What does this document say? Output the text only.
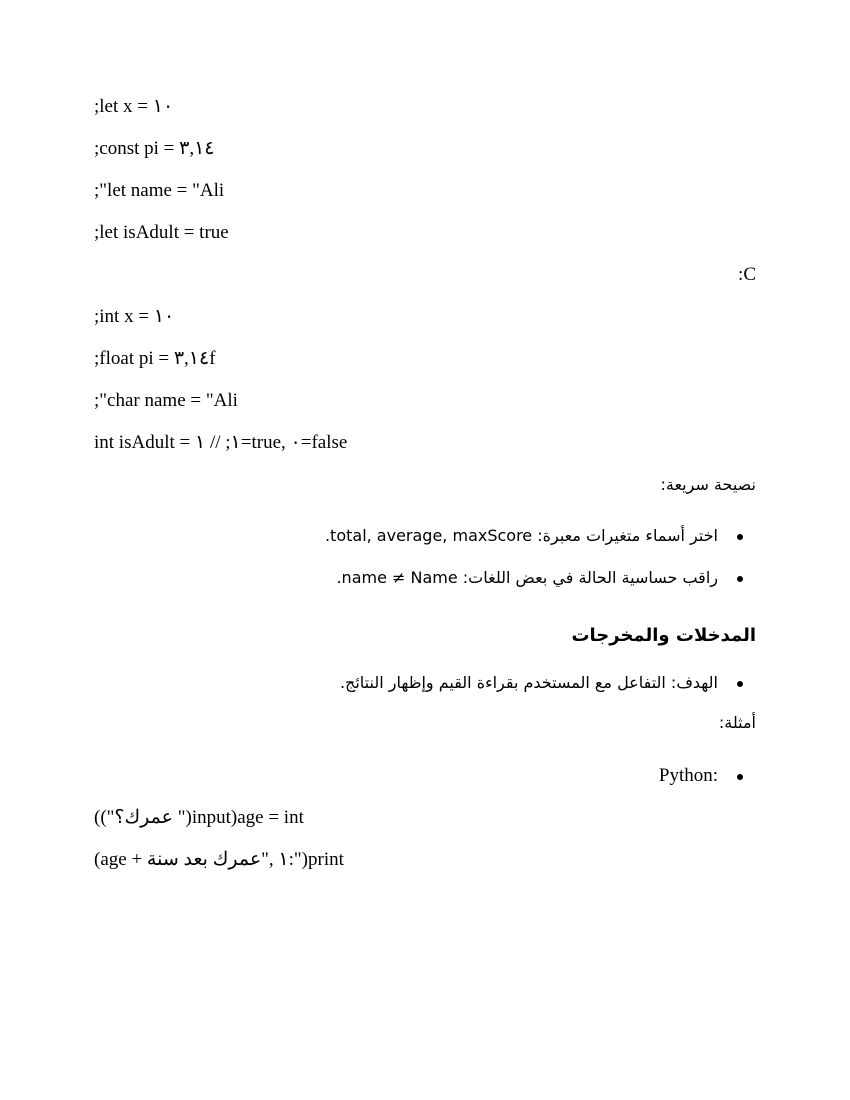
;let x = ١٠
;const pi = ٣,١٤
;"let name = "Ali
;let isAdult = true
:C
;int x = ١٠
;float pi = ٣,١٤f
;"char name = "Ali
int isAdult = ١; // ١=true, ٠=false
نصيحة سريعة:
اختر أسماء متغيرات معبرة: total, average, maxScore.
راقب حساسية الحالة في بعض اللغات: name ≠ Name.
المدخلات والمخرجات
الهدف: التفاعل مع المستخدم بقراءة القيم وإظهار النتائج.
أمثلة:
Python:
(("عمرك؟ ")input)age = int
(age + ١ ,"عمرك بعد سنة:")print
